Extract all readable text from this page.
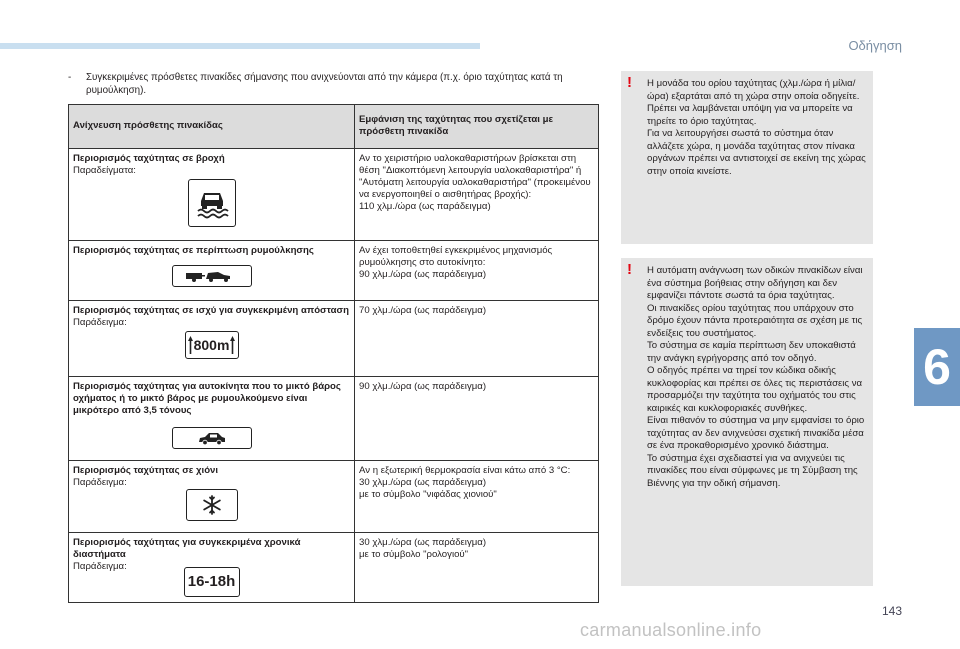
Οδήγηση
6
- Συγκεκριμένες πρόσθετες πινακίδες σήμανσης που ανιχνεύονται από την κάμερα (π.χ. όριο ταχύτητας κατά τη ρυμούλκηση).
Ανίχνευση πρόσθετης πινακίδας	Εμφάνιση της ταχύτητας που σχετίζεται με πρόσθετη πινακίδα

Περιορισμός ταχύτητας σε βροχή
Παραδείγματα:	Αν το χειριστήριο υαλοκαθαριστήρων βρίσκεται στη θέση "Διακοπτόμενη λειτουργία υαλοκαθαριστήρα" ή "Αυτόματη λειτουργία υαλοκαθαριστήρα" (προκειμένου να ενεργοποιηθεί ο αισθητήρας βροχής):
110 χλμ./ώρα (ως παράδειγμα)

Περιορισμός ταχύτητας σε περίπτωση ρυμούλκησης	Αν έχει τοποθετηθεί εγκεκριμένος μηχανισμός ρυμούλκησης στο αυτοκίνητο:
90 χλμ./ώρα (ως παράδειγμα)

Περιορισμός ταχύτητας σε ισχύ για συγκεκριμένη απόσταση
Παράδειγμα:
800m	70 χλμ./ώρα (ως παράδειγμα)

Περιορισμός ταχύτητας για αυτοκίνητα που το μικτό βάρος οχήματος ή το μικτό βάρος με ρυμουλκούμενο είναι μικρότερο από 3,5 τόνους	90 χλμ./ώρα (ως παράδειγμα)

Περιορισμός ταχύτητας σε χιόνι
Παράδειγμα:	Αν η εξωτερική θερμοκρασία είναι κάτω από 3 °C:
30 χλμ./ώρα (ως παράδειγμα)
με το σύμβολο "νιφάδας χιονιού"

Περιορισμός ταχύτητας για συγκεκριμένα χρονικά διαστήματα
Παράδειγμα:
16-18h	30 χλμ./ώρα (ως παράδειγμα)
με το σύμβολο "ρολογιού"
!	Η μονάδα του ορίου ταχύτητας (χλμ./ώρα ή μίλια/ώρα) εξαρτάται από τη χώρα στην οποία οδηγείτε.
Πρέπει να λαμβάνεται υπόψη για να μπορείτε να τηρείτε το όριο ταχύτητας.
Για να λειτουργήσει σωστά το σύστημα όταν αλλάζετε χώρα, η μονάδα ταχύτητας στον πίνακα οργάνων πρέπει να αντιστοιχεί σε εκείνη της χώρας στην οποία κινείστε.
!	Η αυτόματη ανάγνωση των οδικών πινακίδων είναι ένα σύστημα βοήθειας στην οδήγηση και δεν εμφανίζει πάντοτε σωστά τα όρια ταχύτητας.
Οι πινακίδες ορίου ταχύτητας που υπάρχουν στο δρόμο έχουν πάντα προτεραιότητα σε σχέση με τις ενδείξεις του συστήματος.
Το σύστημα σε καμία περίπτωση δεν υποκαθιστά την ανάγκη εγρήγορσης από τον οδηγό.
Ο οδηγός πρέπει να τηρεί τον κώδικα οδικής κυκλοφορίας και πρέπει σε όλες τις περιστάσεις να προσαρμόζει την ταχύτητα του οχήματός του στις καιρικές και κυκλοφοριακές συνθήκες.
Είναι πιθανόν το σύστημα να μην εμφανίσει το όριο ταχύτητας αν δεν ανιχνεύσει σχετική πινακίδα μέσα σε ένα προκαθορισμένο χρονικό διάστημα.
Το σύστημα έχει σχεδιαστεί για να ανιχνεύει τις πινακίδες που είναι σύμφωνες με τη Σύμβαση της Βιέννης για την οδική σήμανση.
143
carmanualsonline.info
